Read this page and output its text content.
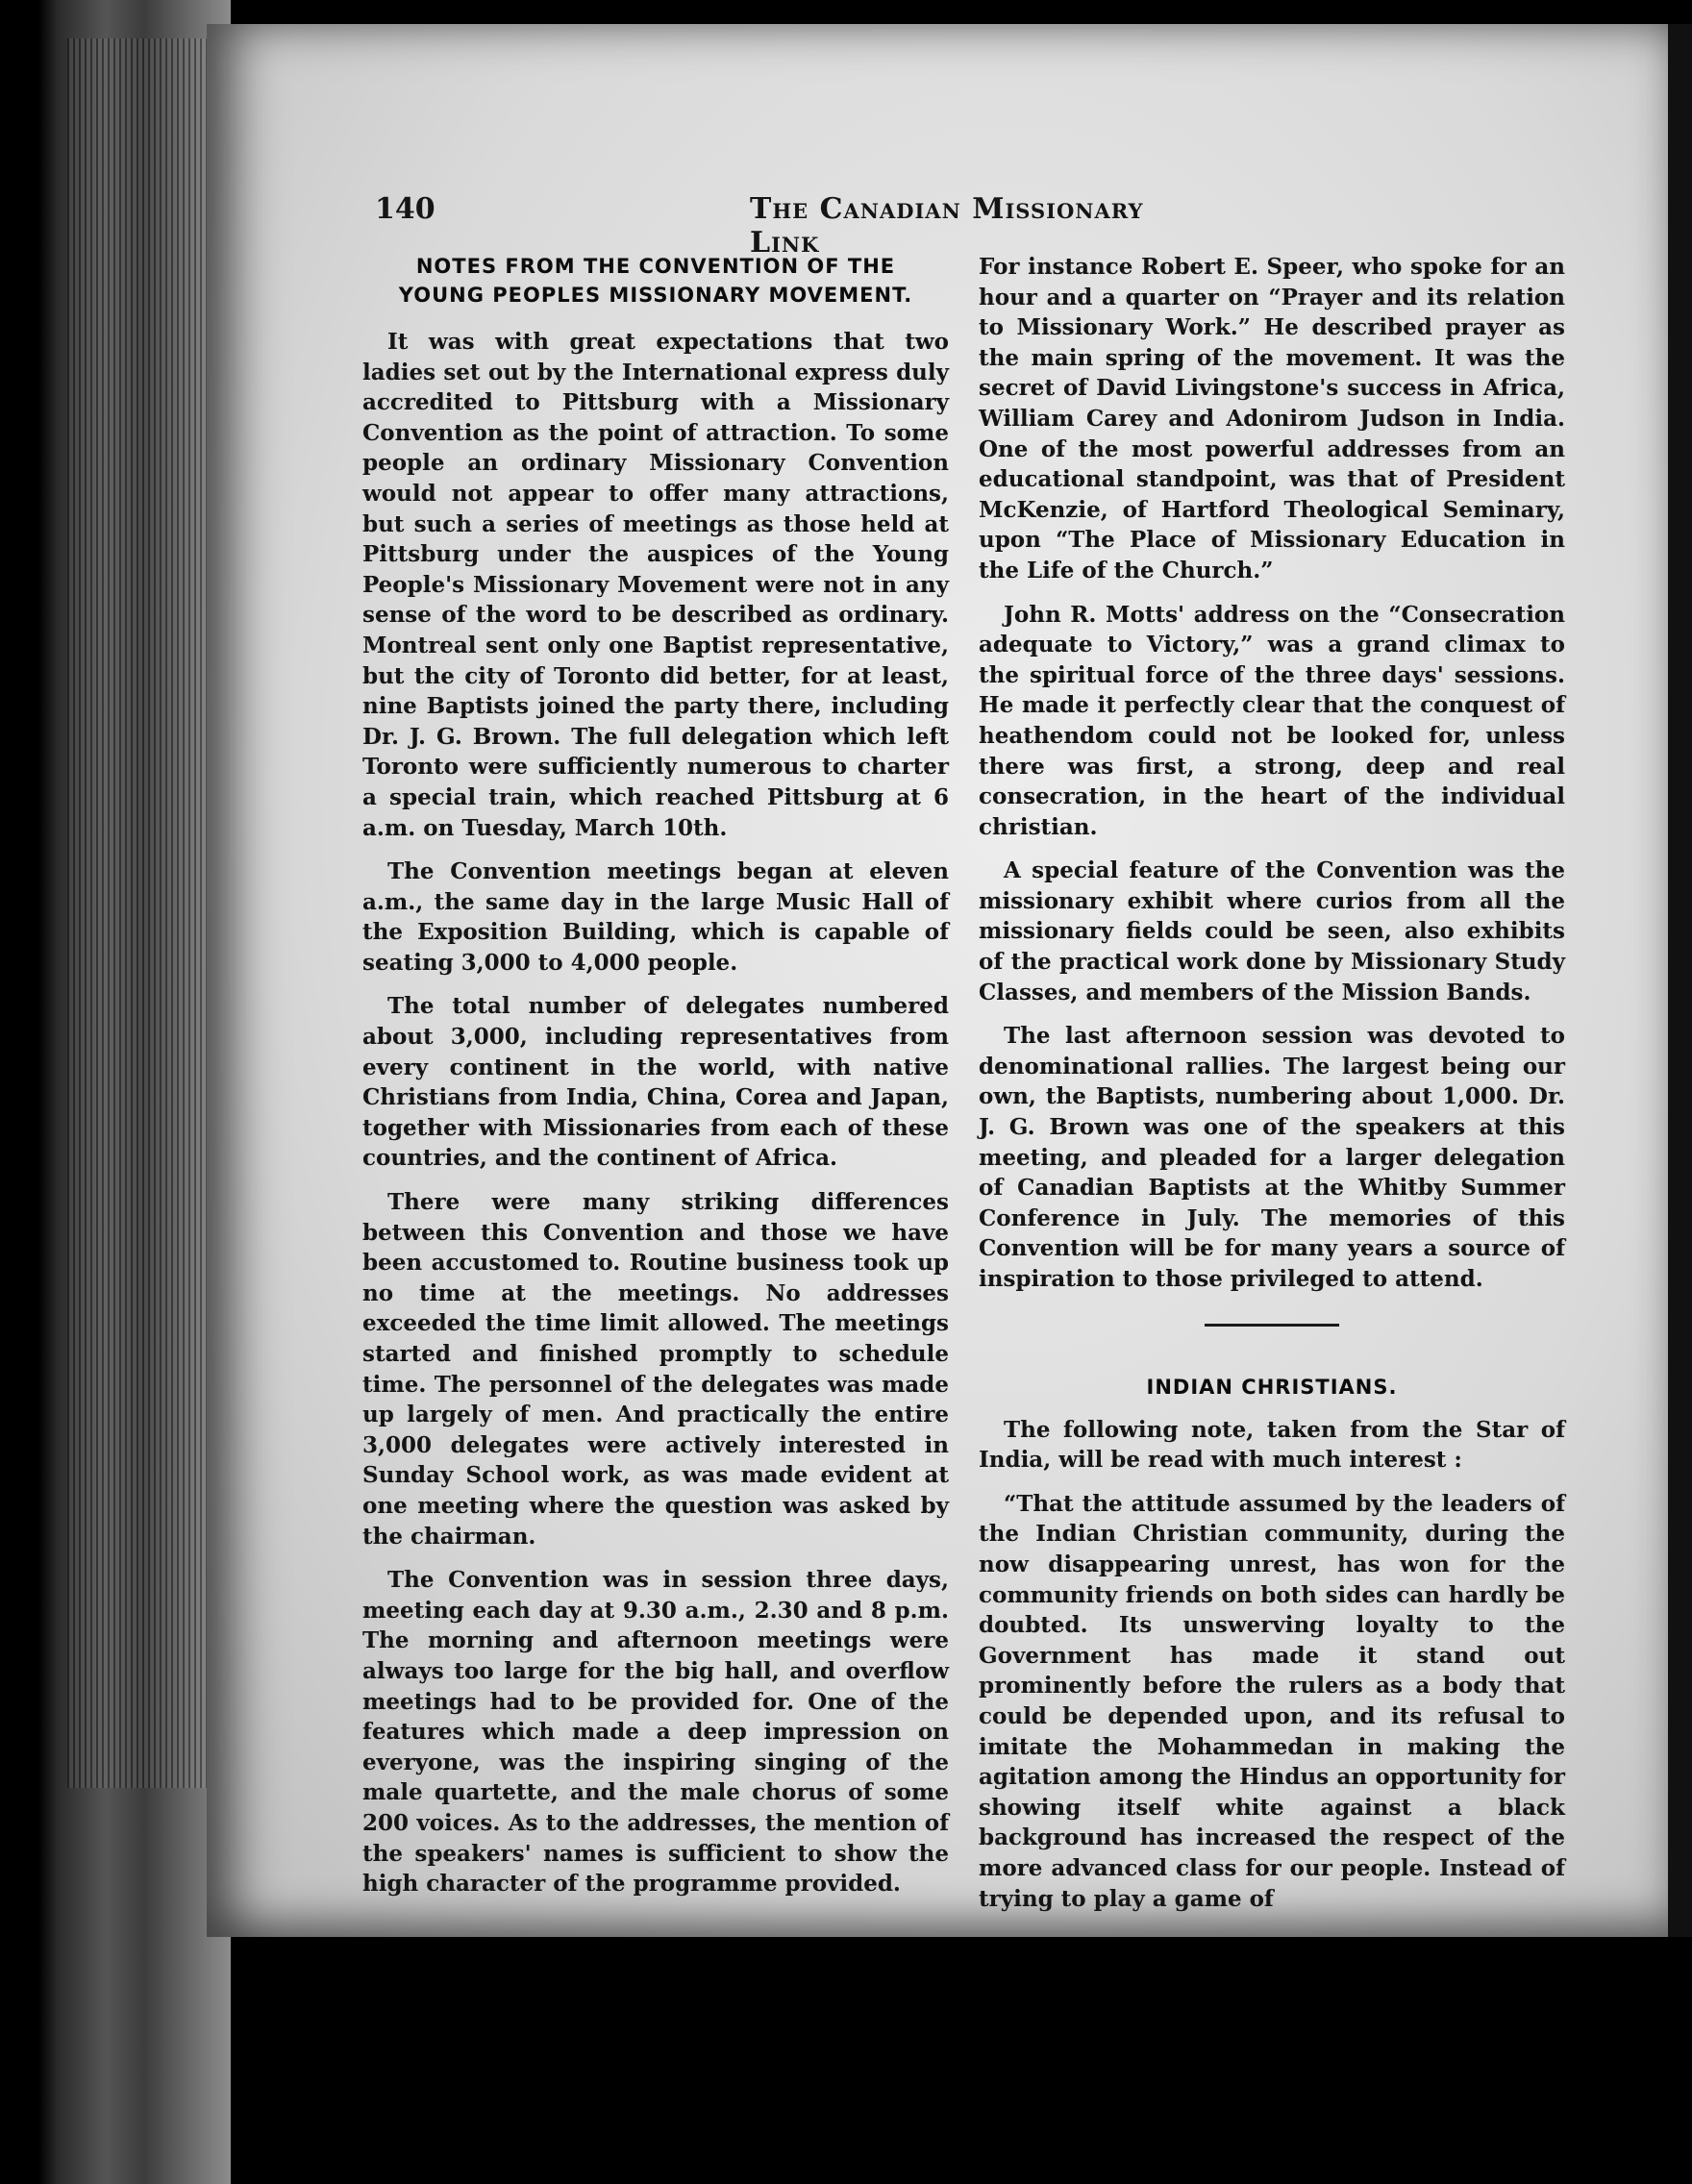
140	The Canadian Missionary Link
NOTES FROM THE CONVENTION OF THE
YOUNG PEOPLES MISSIONARY MOVEMENT.

It was with great expectations that two ladies set out by the International express duly accredited to Pittsburg with a Missionary Convention as the point of attraction. To some people an ordinary Missionary Convention would not appear to offer many attractions, but such a series of meetings as those held at Pittsburg under the auspices of the Young People's Missionary Movement were not in any sense of the word to be described as ordinary. Montreal sent only one Baptist representative, but the city of Toronto did better, for at least, nine Baptists joined the party there, including Dr. J. G. Brown. The full delegation which left Toronto were sufficiently numerous to charter a special train, which reached Pittsburg at 6 a.m. on Tuesday, March 10th.

The Convention meetings began at eleven a.m., the same day in the large Music Hall of the Exposition Building, which is capable of seating 3,000 to 4,000 people.

The total number of delegates numbered about 3,000, including representatives from every continent in the world, with native Christians from India, China, Corea and Japan, together with Missionaries from each of these countries, and the continent of Africa.

There were many striking differences between this Convention and those we have been accustomed to. Routine business took up no time at the meetings. No addresses exceeded the time limit allowed. The meetings started and finished promptly to schedule time. The personnel of the delegates was made up largely of men. And practically the entire 3,000 delegates were actively interested in Sunday School work, as was made evident at one meeting where the question was asked by the chairman.

The Convention was in session three days, meeting each day at 9.30 a.m., 2.30 and 8 p.m. The morning and afternoon meetings were always too large for the big hall, and overflow meetings had to be provided for. One of the features which made a deep impression on everyone, was the inspiring singing of the male quartette, and the male chorus of some 200 voices. As to the addresses, the mention of the speakers' names is sufficient to show the high character of the programme provided.

For instance Robert E. Speer, who spoke for an hour and a quarter on “Prayer and its relation to Missionary Work.” He described prayer as the main spring of the movement. It was the secret of David Livingstone's success in Africa, William Carey and Adonirom Judson in India. One of the most powerful addresses from an educational standpoint, was that of President McKenzie, of Hartford Theological Seminary, upon “The Place of Missionary Education in the Life of the Church.”

John R. Motts' address on the “Consecration adequate to Victory,” was a grand climax to the spiritual force of the three days' sessions. He made it perfectly clear that the conquest of heathendom could not be looked for, unless there was first, a strong, deep and real consecration, in the heart of the individual christian.

A special feature of the Convention was the missionary exhibit where curios from all the missionary fields could be seen, also exhibits of the practical work done by Missionary Study Classes, and members of the Mission Bands.

The last afternoon session was devoted to denominational rallies. The largest being our own, the Baptists, numbering about 1,000. Dr. J. G. Brown was one of the speakers at this meeting, and pleaded for a larger delegation of Canadian Baptists at the Whitby Summer Conference in July. The memories of this Convention will be for many years a source of inspiration to those privileged to attend.

INDIAN CHRISTIANS.

The following note, taken from the Star of India, will be read with much interest :

“That the attitude assumed by the leaders of the Indian Christian community, during the now disappearing unrest, has won for the community friends on both sides can hardly be doubted. Its unswerving loyalty to the Government has made it stand out prominently before the rulers as a body that could be depended upon, and its refusal to imitate the Mohammedan in making the agitation among the Hindus an opportunity for showing itself white against a black background has increased the respect of the more advanced class for our people. Instead of trying to play a game of
